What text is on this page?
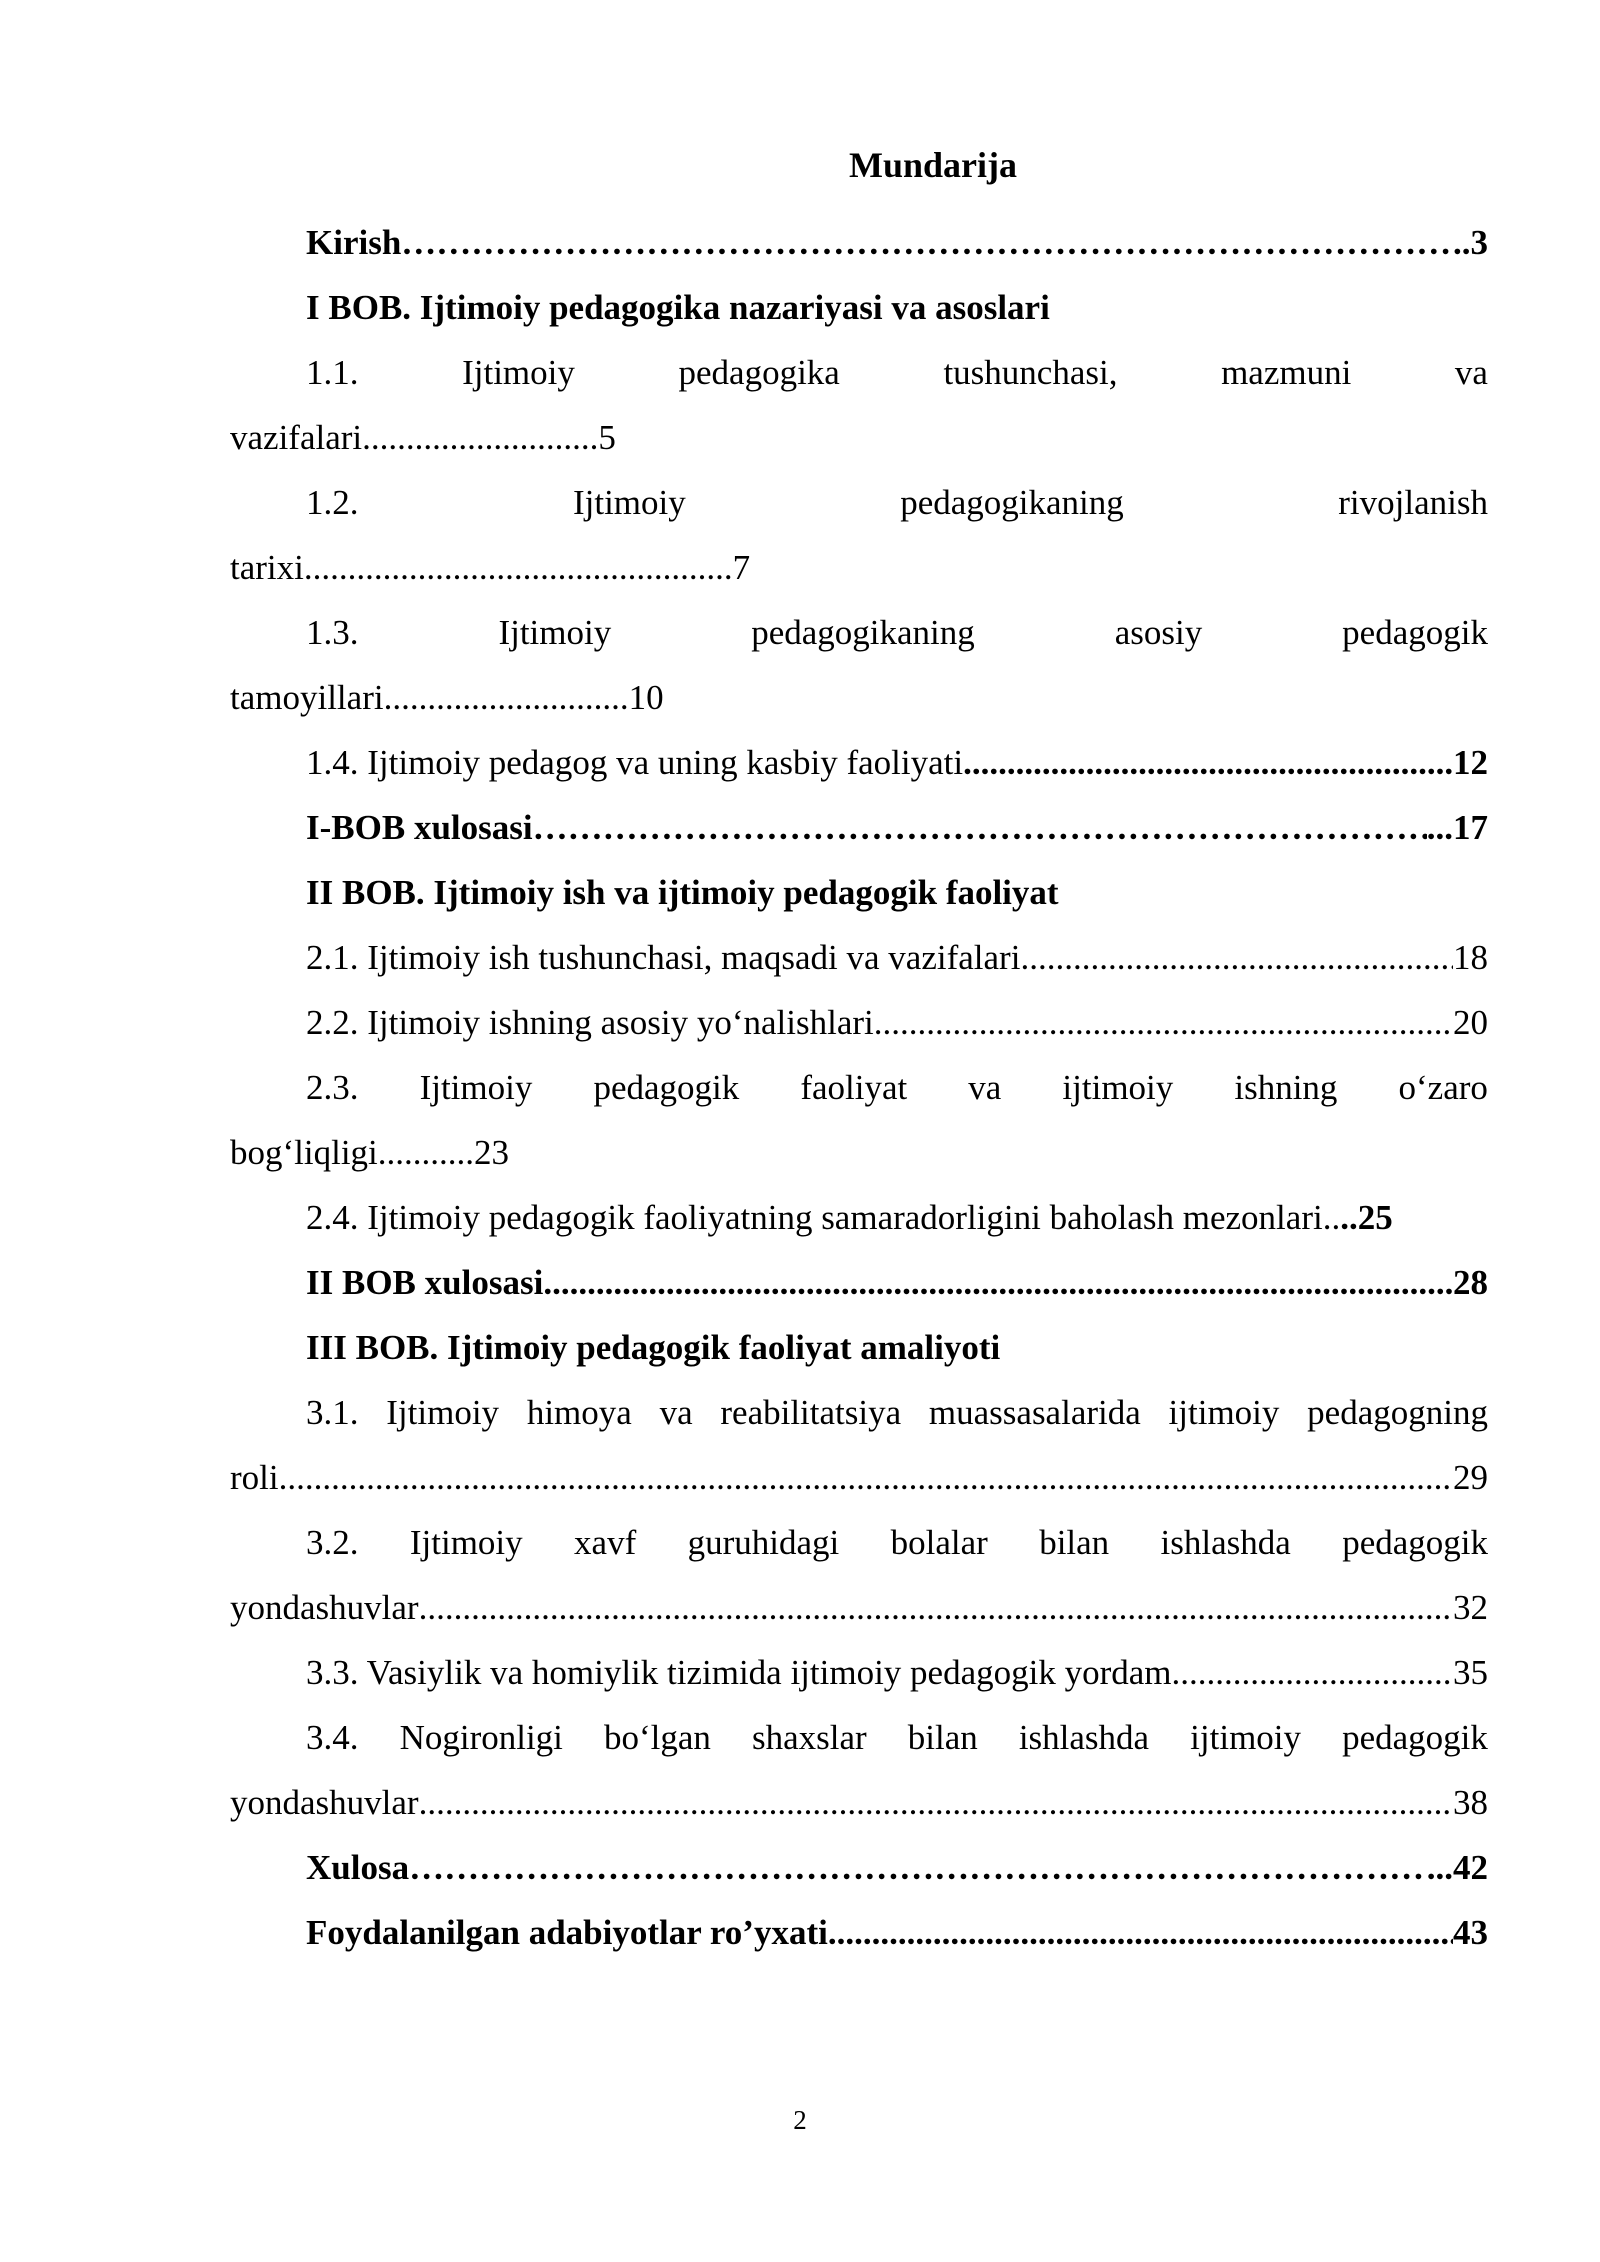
Mundarija
Kirish …………………………………………………………………………………………………………………………………………	..3
I BOB. Ijtimoiy pedagogika nazariyasi va asoslari
1.1.	Ijtimoiy	pedagogika	tushunchasi,	mazmuni	va
vazifalari...........................5
1.2.	Ijtimoiy	pedagogikaning	rivojlanish
tarixi.................................................7
1.3.	Ijtimoiy	pedagogikaning	asosiy	pedagogik
tamoyillari............................10
1.4. Ijtimoiy pedagog va uning kasbiy faoliyati .....	12
I-BOB xulosasi …………………………………………………………………………………………………………………………………………	...17
II BOB. Ijtimoiy ish va ijtimoiy pedagogik faoliyat
2.1. Ijtimoiy ish tushunchasi, maqsadi va vazifalari .....	18
2.2. Ijtimoiy ishning asosiy yo‘nalishlari .....	20
2.3. Ijtimoiy pedagogik faoliyat va ijtimoiy ishning o‘zaro
bog‘liqligi...........23
2.4. Ijtimoiy pedagogik faoliyatning samaradorligini baholash mezonlari.. ..25
II BOB xulosasi .....	28
III BOB. Ijtimoiy pedagogik faoliyat amaliyoti
3.1. Ijtimoiy himoya va reabilitatsiya muassasalarida ijtimoiy pedagogning
roli .....	29
3.2. Ijtimoiy xavf guruhidagi bolalar bilan ishlashda pedagogik
yondashuvlar .....	32
3.3. Vasiylik va homiylik tizimida ijtimoiy pedagogik yordam .....	35
3.4. Nogironligi bo‘lgan shaxslar bilan ishlashda ijtimoiy pedagogik
yondashuvlar .....	38
Xulosa …………………………………………………………………………………………………………………………………………	...42
Foydalanilgan adabiyotlar ro’yxati .....	43
2
